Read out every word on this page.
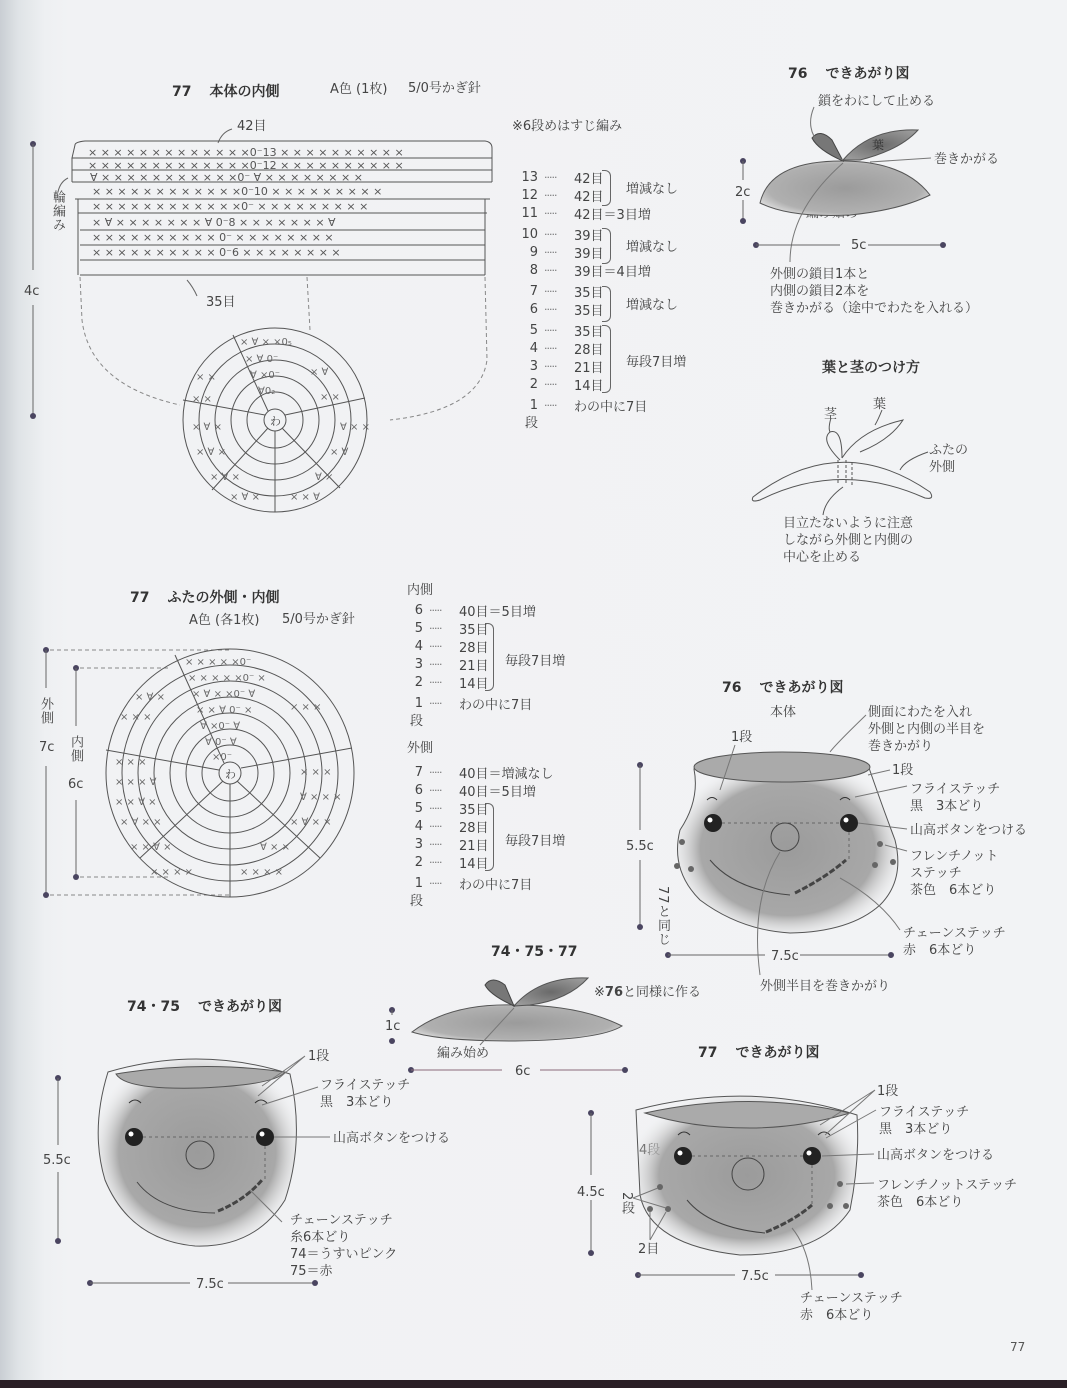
77 本体の内側	A色 (1枚) 5/0号かぎ針
※6段めはすじ編み
42目
35目
輪編み
4c
× × × × × × × × × × × × ×0⁻13 × × × × × × × × × ×
× × × × × × × × × × × × ×0⁻12 × × × × × × × × × ×
∀ × × × × × × × × × × ×0⁻ ∀ × × × × × × × ×
× × × × × × × × × × × ×0⁻10 × × × × × × × × ×
× × × × × × × × × × × ×0⁻ × × × × × × × × ×
× ∀ × × × × × × × ∀ 0⁻8 × × × × × × × ∀
× × × × × × × × × × 0⁻ × × × × × × × ×
× × × × × × × × × × 0⁻6 × × × × × × × ×
わ
× ∀ × ×0₅
× ∀ 0⁻
∀ ×0⁻
∀0₂
× ×
× ×
× ∀ ×
× ∀ ×
× ∀ ×
× ∀ ×	× × ∀
∀ ×
× ∀
∀ × ×
× ×
× ∀
13 ·····	42目
12 ·····	42目
11 ·····	42目＝3目増
10 ·····	39目
9 ·····	39目
8 ·····	39目＝4目増
7 ·····	35目
6 ·····	35目
5 ·····	35目
4 ·····	28目
3 ·····	21目
2 ·····	14目
1 ·····	わの中に7目
段
増減なし
増減なし
増減なし
毎段7目増
76 できあがり図
鎖をわにして止める
巻きかがる
2c
5c
外側の鎖目1本と
内側の鎖目2本を
巻きかがる（途中でわたを入れる）
葉
葉と茎のつけ方
茎
葉
ふたの
外側
目立たないように注意
しながら外側と内側の
中心を止める
77 ふたの外側・内側
A色 (各1枚) 5/0号かぎ針
外側
7c 内側
6c
わ
× × × × ×0⁻
× × × × ×0⁻ ×
× ∀ × ×0⁻ ∀
× × ∀ 0⁻ ×
∀ ×0⁻ ∀
∀ 0⁻ ∀
×0⁻
× × ×
× × × ∀
× × ∀ ×
× ∀ × ×
× × ∀ ×
× × × ×	× × × ×
∀ × ×
× ∀ × ×
∀ × × ×
× × ×
× × ×
× × ×
× ∀ ×
内側
6 ·····	40目＝5目増
5 ·····	35目
4 ·····	28目
3 ·····	21目
2 ·····	14目
1 ·····	わの中に7目
段
毎段7目増
外側
7 ·····	40目＝増減なし
6 ·····	40目＝5目増
5 ·····	35目
4 ·····	28目
3 ·····	21目
2 ·····	14目
1 ·····	わの中に7目
段
毎段7目増
76 できあがり図
本体	側面にわたを入れ
外側と内側の半目を
巻きかがり
1段
1段
フライステッチ
黒　3本どり
山高ボタンをつける
フレンチノット
ステッチ
茶色　6本どり
5.5c
77と同じ	チェーンステッチ
赤　6本どり
7.5c
外側半目を巻きかがり
74・75・77
※76と同様に作る
1c
編み始め
6c
74・75 できあがり図
1段
フライステッチ
黒　3本どり
山高ボタンをつける
5.5c
チェーンステッチ
糸6本どり
74＝うすいピンク
75＝赤
7.5c
77 できあがり図
1段
フライステッチ
黒　3本どり
山高ボタンをつける
フレンチノットステッチ
茶色　6本どり
4.5c 2段
2目
7.5c
チェーンステッチ
赤　6本どり
77
